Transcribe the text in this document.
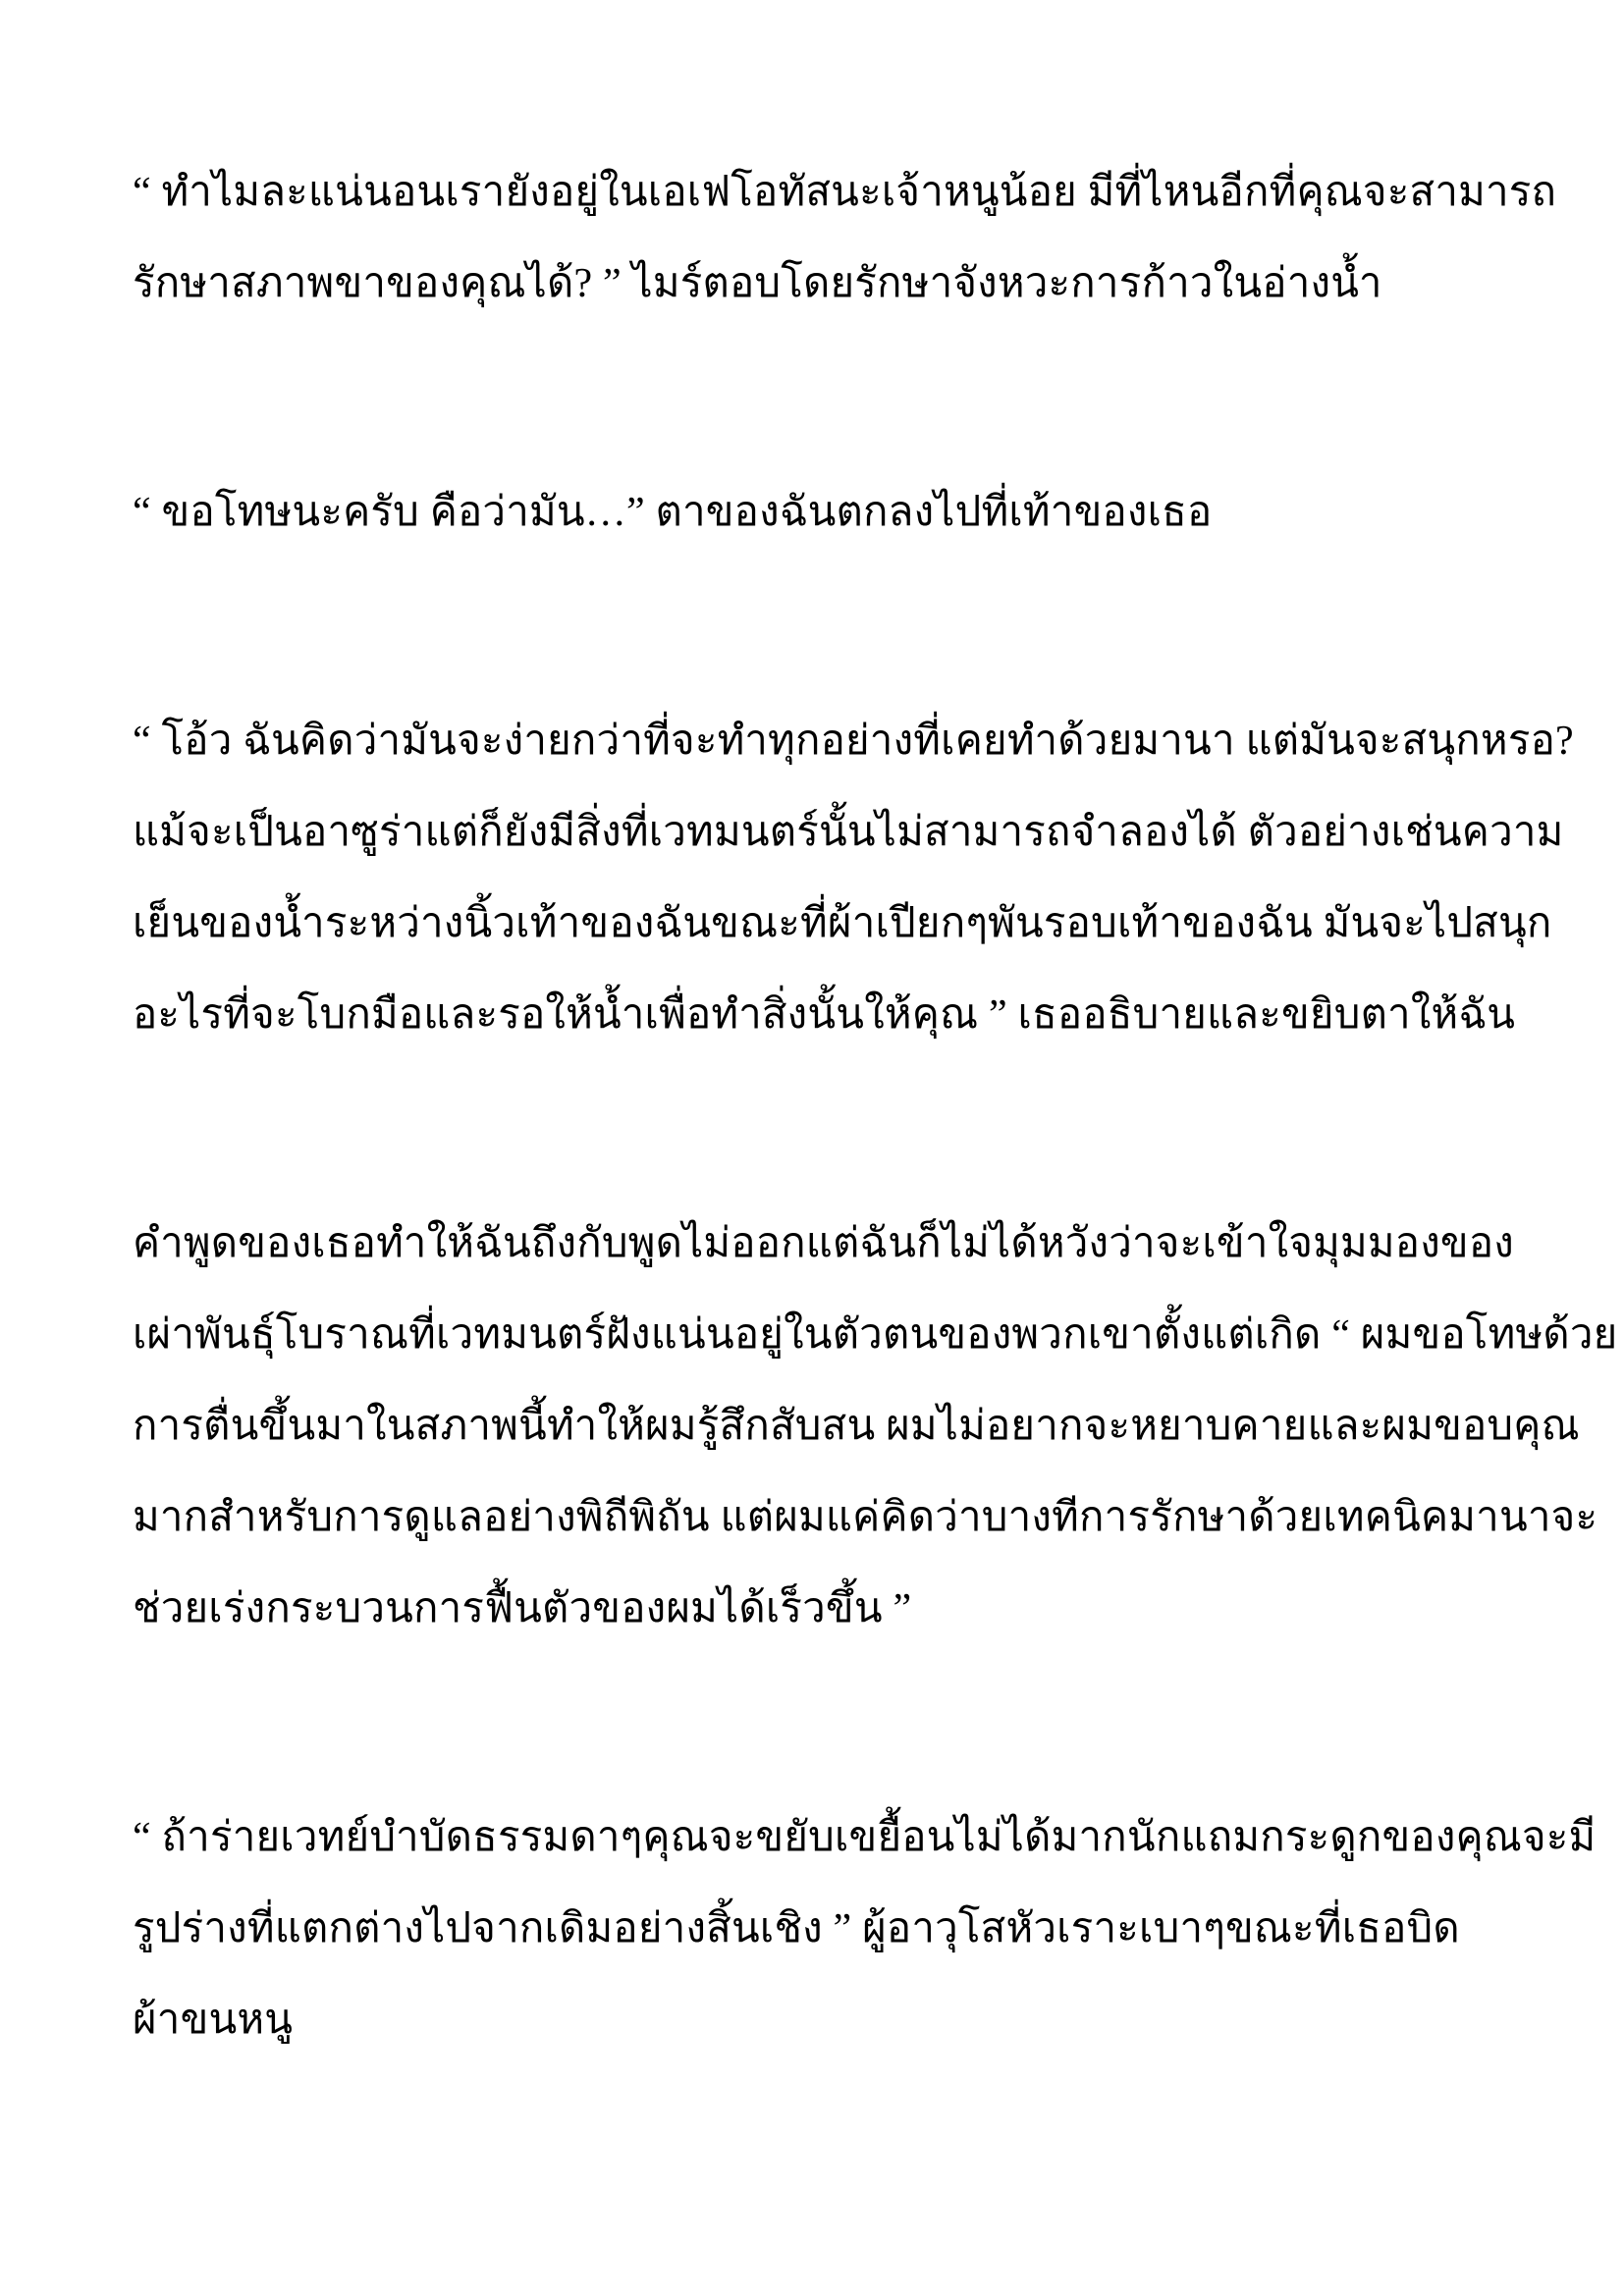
“ ทำไมละแน่นอนเรายังอยู่ในเอเฟโอทัสนะเจ้าหนูน้อย มีที่ไหนอีกที่คุณจะสามารถ
รักษาสภาพขาของคุณได้? ” ไมร์ตอบโดยรักษาจังหวะการก้าวในอ่างน้ำ

“ ขอโทษนะครับ คือว่ามัน…” ตาของฉันตกลงไปที่เท้าของเธอ

“ โอ้ว ฉันคิดว่ามันจะง่ายกว่าที่จะทำทุกอย่างที่เคยทำด้วยมานา แต่มันจะสนุกหรอ?
แม้จะเป็นอาซูร่าแต่ก็ยังมีสิ่งที่เวทมนตร์นั้นไม่สามารถจำลองได้ ตัวอย่างเช่นความ
เย็นของน้ำระหว่างนิ้วเท้าของฉันขณะที่ผ้าเปียกๆพันรอบเท้าของฉัน มันจะไปสนุก
อะไรที่จะโบกมือและรอให้น้ำเพื่อทำสิ่งนั้นให้คุณ ” เธออธิบายและขยิบตาให้ฉัน

คำพูดของเธอทำให้ฉันถึงกับพูดไม่ออกแต่ฉันก็ไม่ได้หวังว่าจะเข้าใจมุมมองของ
เผ่าพันธุ์โบราณที่เวทมนตร์ฝังแน่นอยู่ในตัวตนของพวกเขาตั้งแต่เกิด “ ผมขอโทษด้วย
การตื่นขึ้นมาในสภาพนี้ทำให้ผมรู้สึกสับสน ผมไม่อยากจะหยาบคายและผมขอบคุณ
มากสำหรับการดูแลอย่างพิถีพิถัน แต่ผมแค่คิดว่าบางทีการรักษาด้วยเทคนิคมานาจะ
ช่วยเร่งกระบวนการฟื้นตัวของผมได้เร็วขึ้น ”

“ ถ้าร่ายเวทย์บำบัดธรรมดาๆคุณจะขยับเขยื้อนไม่ได้มากนักแถมกระดูกของคุณจะมี
รูปร่างที่แตกต่างไปจากเดิมอย่างสิ้นเชิง ” ผู้อาวุโสหัวเราะเบาๆขณะที่เธอบิด
ผ้าขนหนู
